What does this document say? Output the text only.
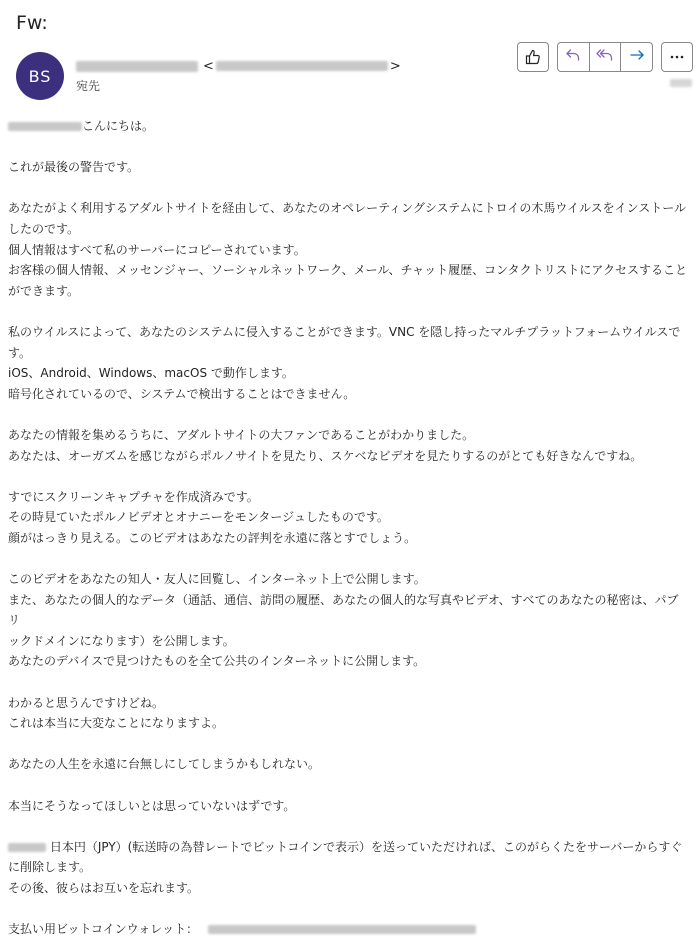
Fw:
BS
<	>
宛先

こんにちは。

これが最後の警告です。

あなたがよく利用するアダルトサイトを経由して、あなたのオペレーティングシステムにトロイの木馬ウイルスをインストール

したのです。

個人情報はすべて私のサーバーにコピーされています。

お客様の個人情報、メッセンジャー、ソーシャルネットワーク、メール、チャット履歴、コンタクトリストにアクセスすること

ができます。

私のウイルスによって、あなたのシステムに侵入することができます。VNC を隠し持ったマルチプラットフォームウイルスで

す。

iOS、Android、Windows、macOS で動作します。

暗号化されているので、システムで検出することはできません。

あなたの情報を集めるうちに、アダルトサイトの大ファンであることがわかりました。

あなたは、オーガズムを感じながらポルノサイトを見たり、スケベなビデオを見たりするのがとても好きなんですね。

すでにスクリーンキャプチャを作成済みです。

その時見ていたポルノビデオとオナニーをモンタージュしたものです。

顔がはっきり見える。このビデオはあなたの評判を永遠に落とすでしょう。

このビデオをあなたの知人・友人に回覧し、インターネット上で公開します。

また、あなたの個人的なデータ（通話、通信、訪問の履歴、あなたの個人的な写真やビデオ、すべてのあなたの秘密は、パブリ

ックドメインになります）を公開します。

あなたのデバイスで見つけたものを全て公共のインターネットに公開します。

わかると思うんですけどね。

これは本当に大変なことになりますよ。

あなたの人生を永遠に台無しにしてしまうかもしれない。

本当にそうなってほしいとは思っていないはずです。

日本円（JPY）(転送時の為替レートでビットコインで表示）を送っていただければ、このがらくたをサーバーからすぐ

に削除します。

その後、彼らはお互いを忘れます。

支払い用ビットコインウォレット：
